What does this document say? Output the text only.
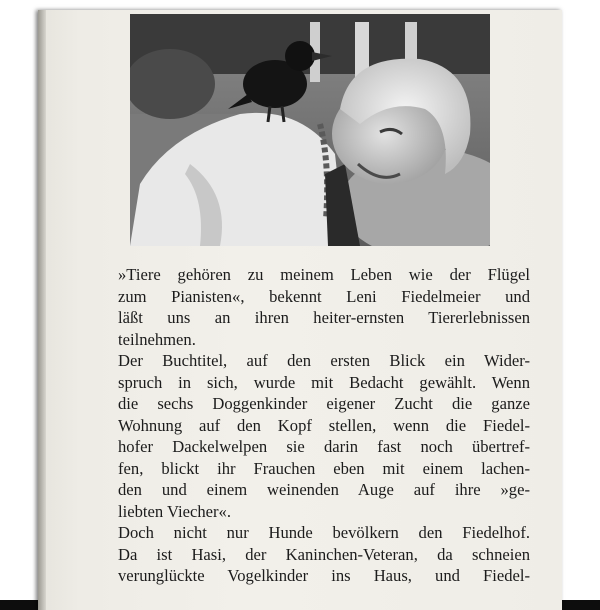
»Tiere gehören zu meinem Leben wie der Flügel
zum Pianisten«, bekennt Leni Fiedelmeier und
läßt uns an ihren heiter-ernsten Tiererlebnissen
teilnehmen.
Der Buchtitel, auf den ersten Blick ein Wider-
spruch in sich, wurde mit Bedacht gewählt. Wenn
die sechs Doggenkinder eigener Zucht die ganze
Wohnung auf den Kopf stellen, wenn die Fiedel-
hofer Dackelwelpen sie darin fast noch übertref-
fen, blickt ihr Frauchen eben mit einem lachen-
den und einem weinenden Auge auf ihre »ge-
liebten Viecher«.
Doch nicht nur Hunde bevölkern den Fiedelhof.
Da ist Hasi, der Kaninchen-Veteran, da schneien
verunglückte Vogelkinder ins Haus, und Fiedel-
